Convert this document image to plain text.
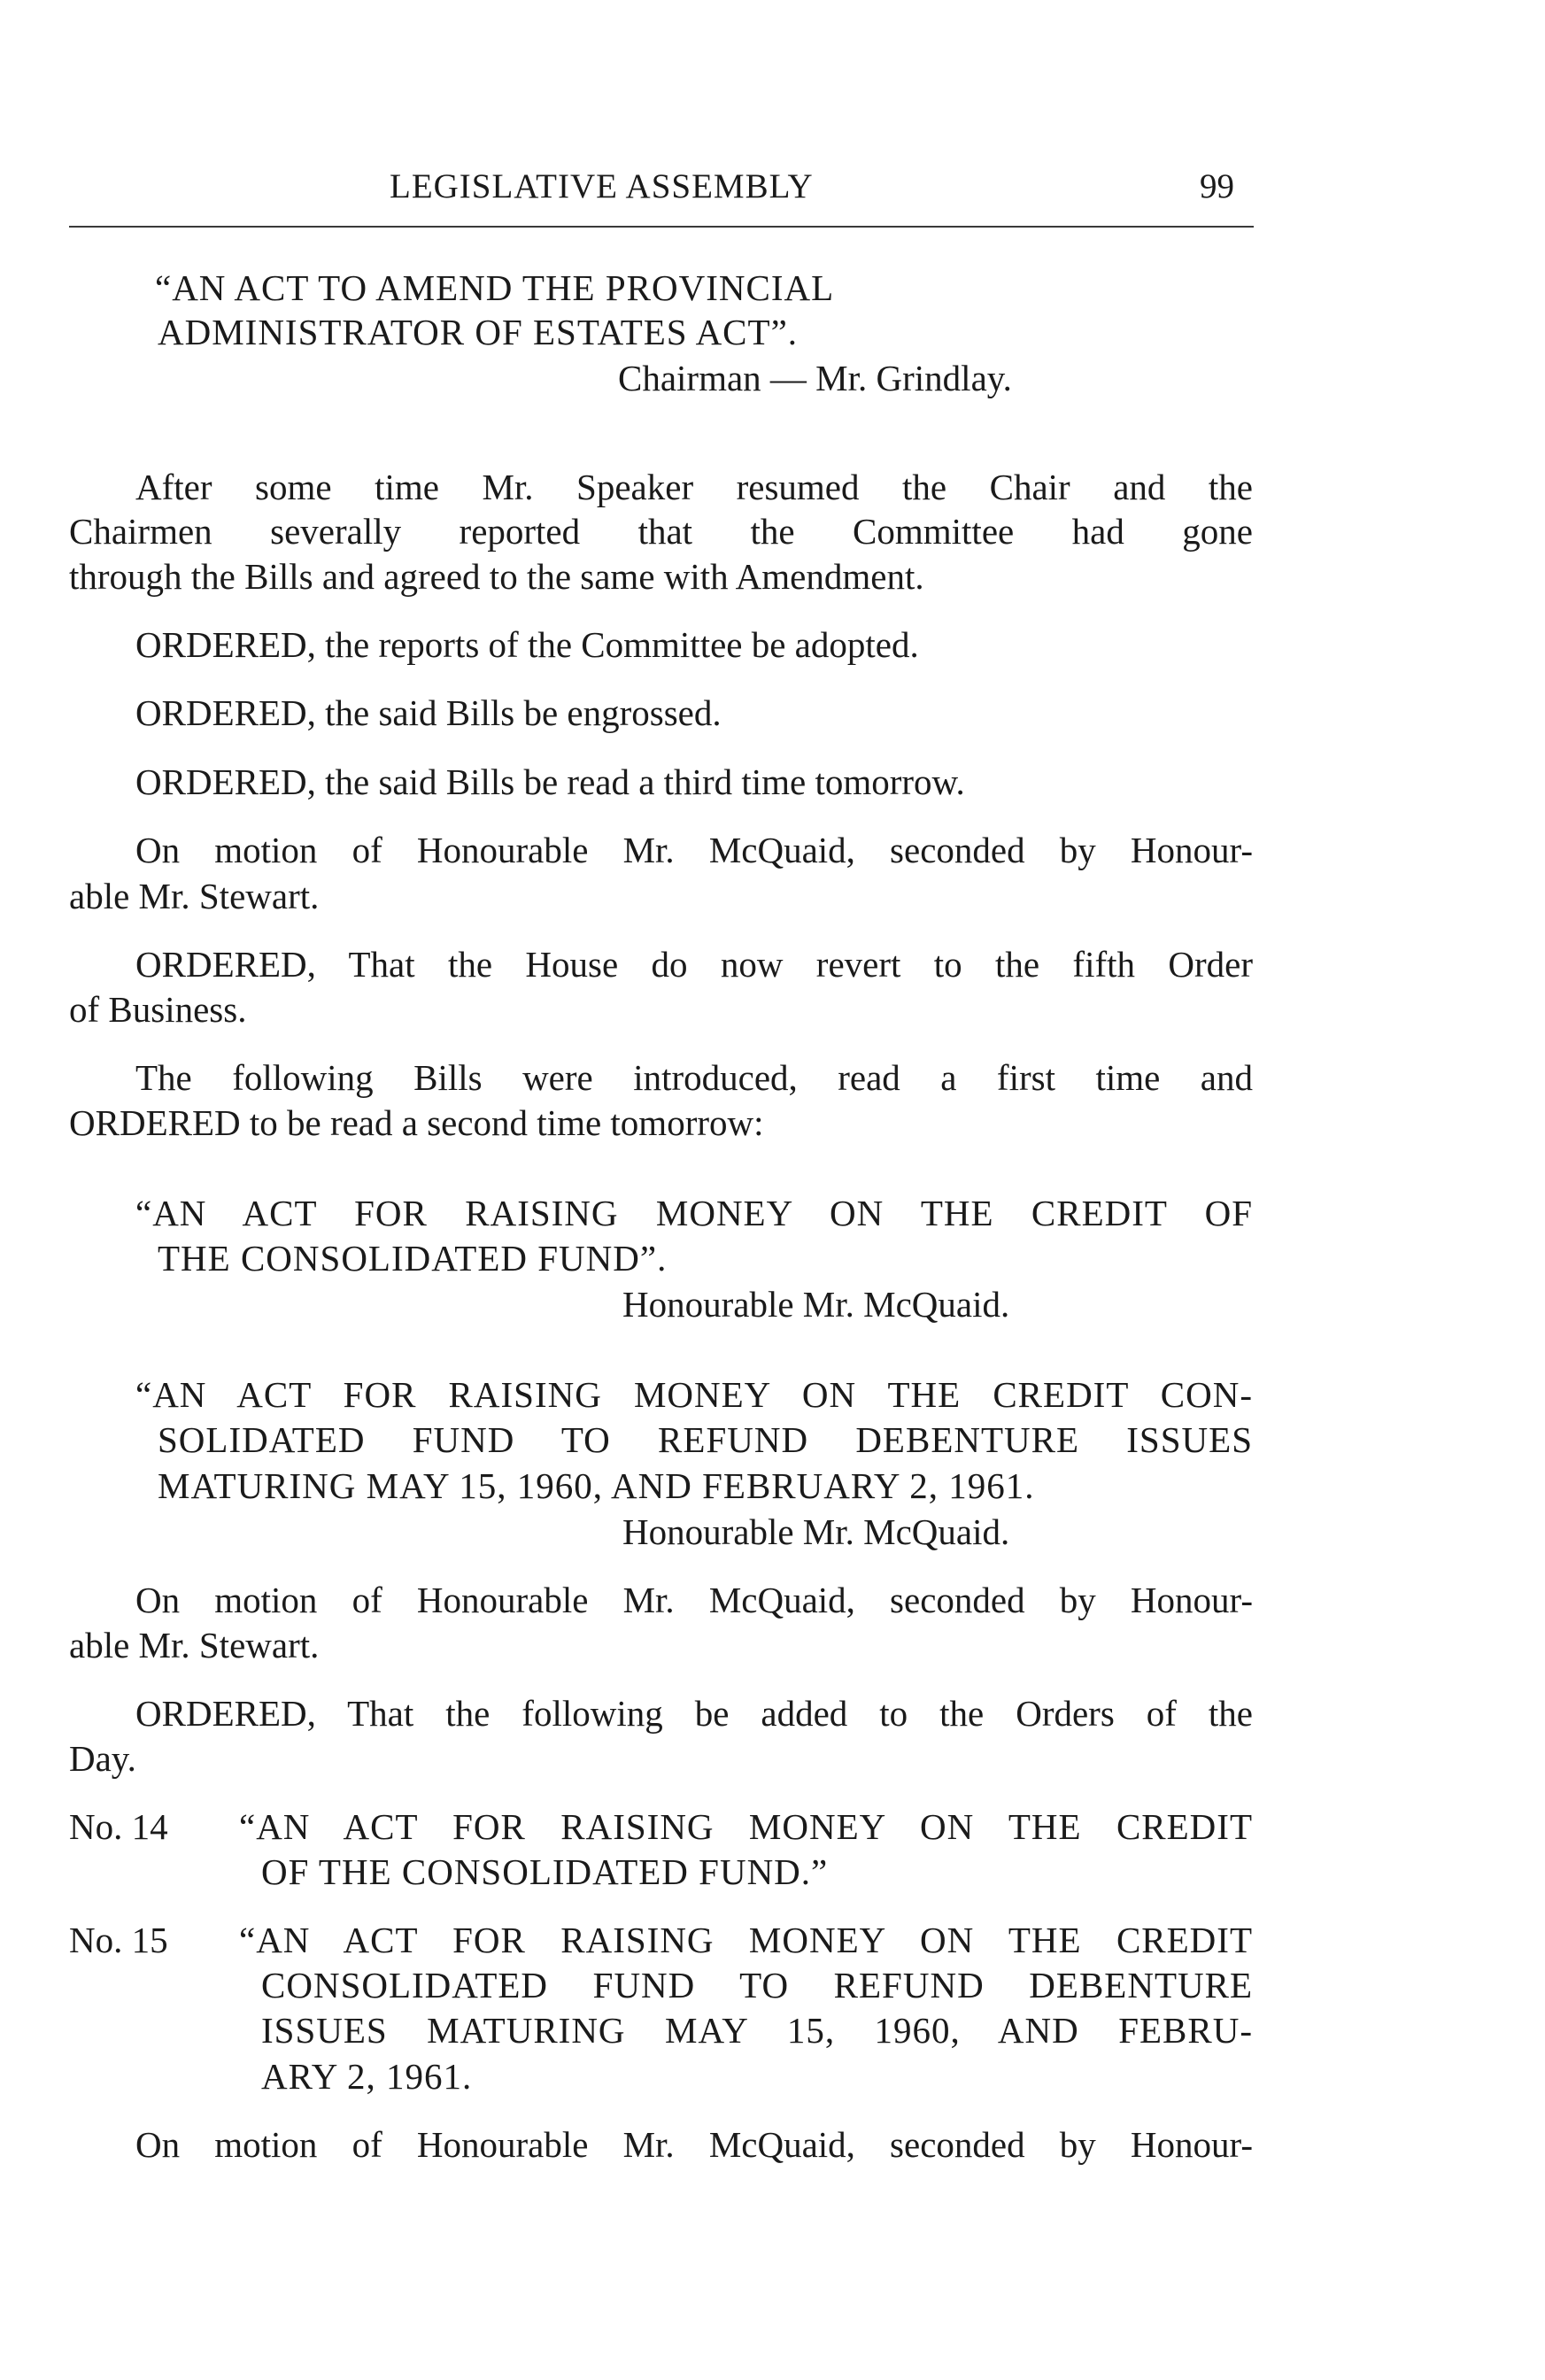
LEGISLATIVE ASSEMBLY	99
“AN ACT TO AMEND THE PROVINCIAL
ADMINISTRATOR OF ESTATES ACT”.
Chairman — Mr. Grindlay.
After some time Mr. Speaker resumed the Chair and the
Chairmen severally reported that the Committee had gone
through the Bills and agreed to the same with Amendment.
ORDERED, the reports of the Committee be adopted.
ORDERED, the said Bills be engrossed.
ORDERED, the said Bills be read a third time tomorrow.
On motion of Honourable Mr. McQuaid, seconded by Honour-
able Mr. Stewart.
ORDERED, That the House do now revert to the fifth Order
of Business.
The following Bills were introduced, read a first time and
ORDERED to be read a second time tomorrow:
“AN ACT FOR RAISING MONEY ON THE CREDIT OF
THE CONSOLIDATED FUND”.
Honourable Mr. McQuaid.
“AN ACT FOR RAISING MONEY ON THE CREDIT CON-
SOLIDATED FUND TO REFUND DEBENTURE ISSUES
MATURING MAY 15, 1960, AND FEBRUARY 2, 1961.
Honourable Mr. McQuaid.
On motion of Honourable Mr. McQuaid, seconded by Honour-
able Mr. Stewart.
ORDERED, That the following be added to the Orders of the
Day.
No. 14 “AN ACT FOR RAISING MONEY ON THE CREDIT
OF THE CONSOLIDATED FUND.”
No. 15 “AN ACT FOR RAISING MONEY ON THE CREDIT
CONSOLIDATED FUND TO REFUND DEBENTURE
ISSUES MATURING MAY 15, 1960, AND FEBRU-
ARY 2, 1961.
On motion of Honourable Mr. McQuaid, seconded by Honour-
